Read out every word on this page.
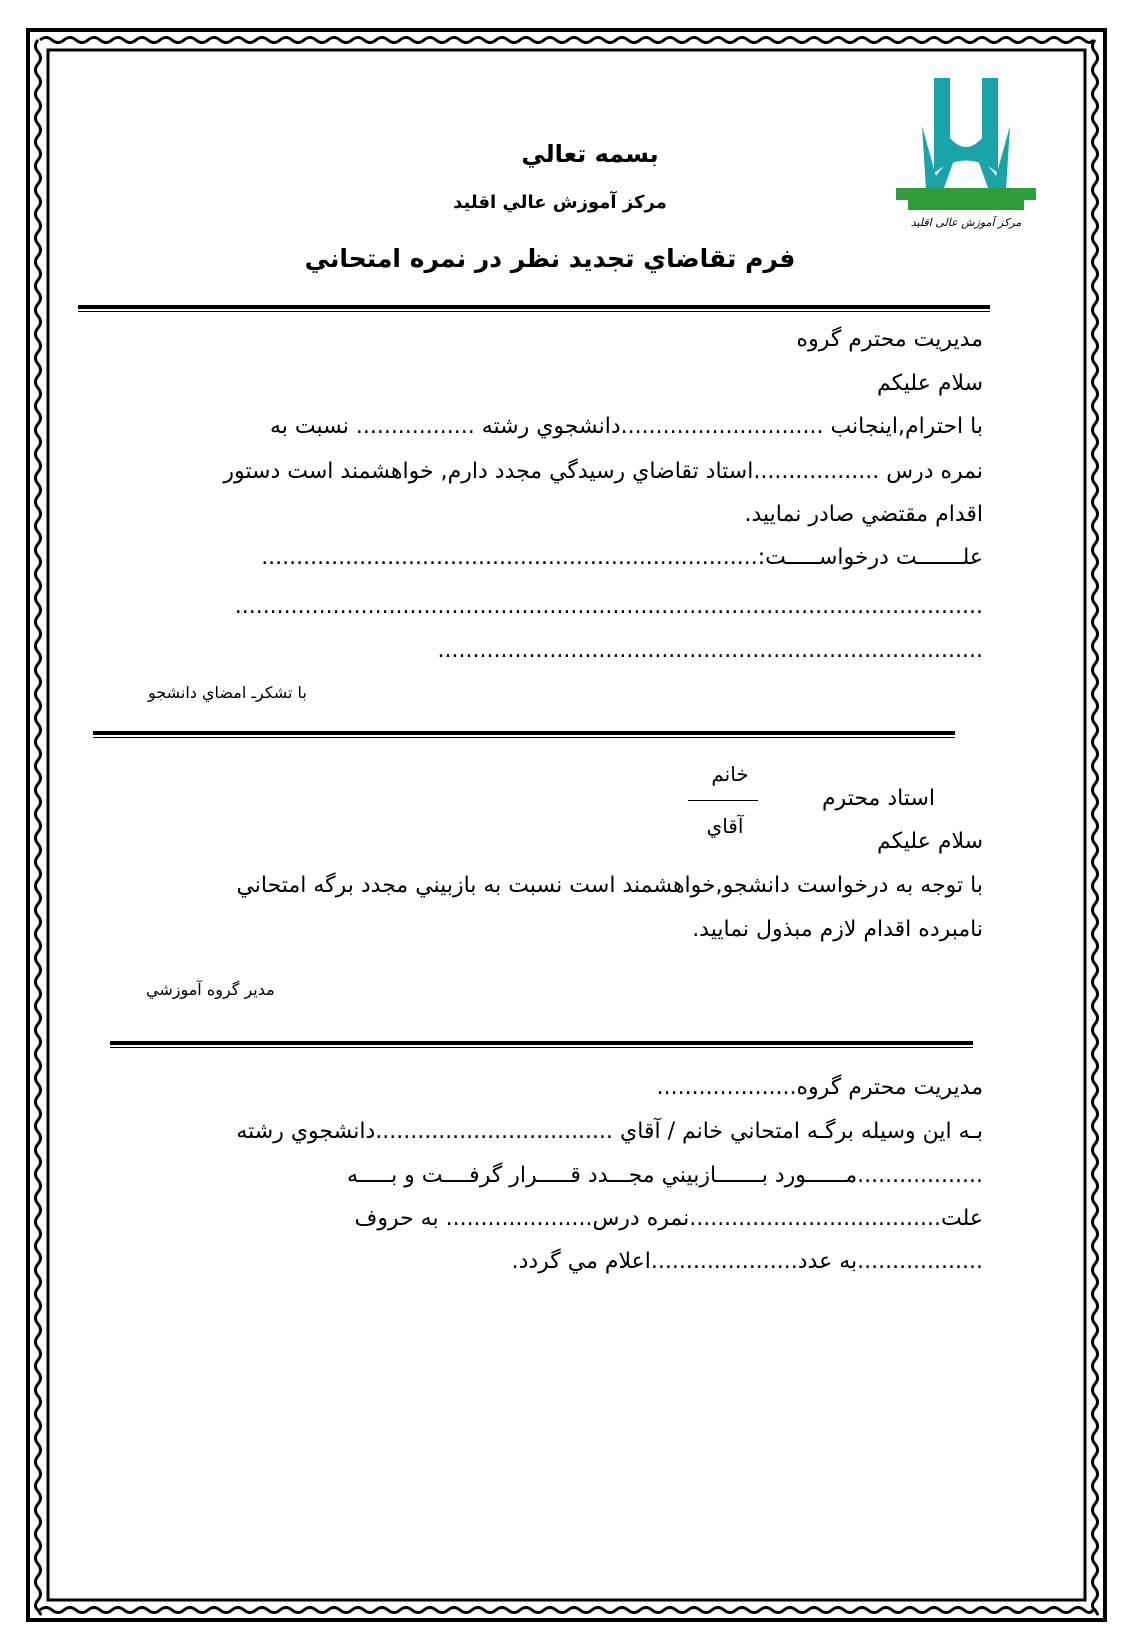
مرکز آموزش عالی اقلید
بسمه تعالي
مركز آموزش عالي اقليد
فرم تقاضاي تجديد نظر در نمره امتحاني
مديريت محترم گروه
سلام عليكم
با احترام,اينجانب .............................دانشجوي رشته ................. نسبت به
نمره درس ..................استاد تقاضاي رسيدگي مجدد دارم, خواهشمند است دستور
اقدام مقتضي صادر نماييد.
علـــــــت درخواســـــت:.......................................................................
...........................................................................................................
..............................................................................
با تشكرـ امضاي دانشجو
استاد محترم
خانم
آقاي
سلام عليكم
با توجه به درخواست دانشجو,خواهشمند است نسبت به بازبيني مجدد برگه امتحاني
نامبرده اقدام لازم مبذول نماييد.
مدير گروه آموزشي
مديريت محترم گروه....................
بـه اين وسيله برگـه امتحاني خانم / آقاي ..................................دانشجوي رشته
..................مــــــورد بـــــــازبيني مجـــدد قـــــرار گرفــــت و بـــــه
علت....................................نمره درس..................... به حروف
..................به عدد.....................اعلام مي گردد.
